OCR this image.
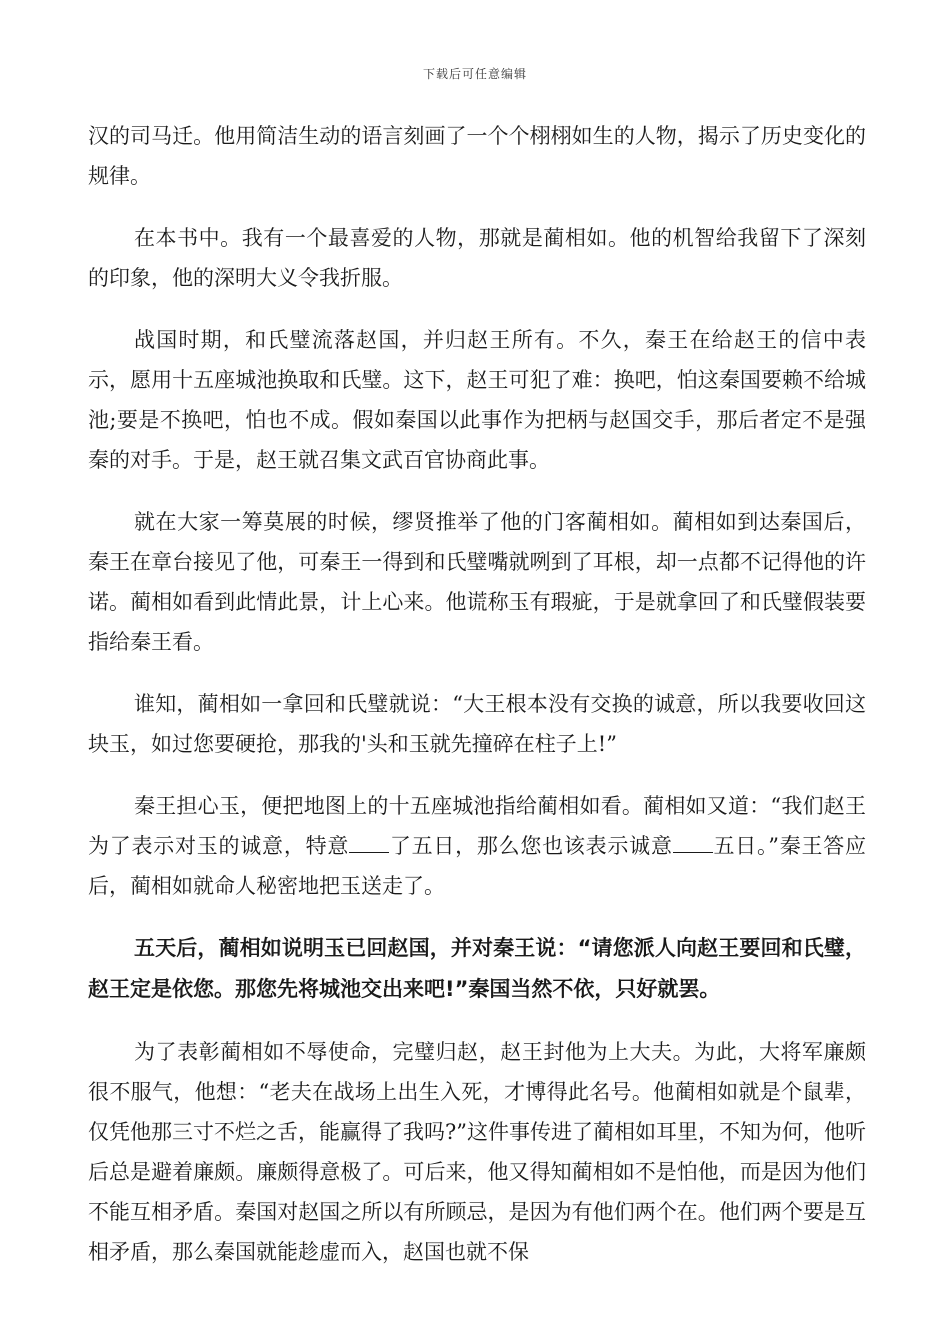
下载后可任意编辑

汉的司马迁。他用简洁生动的语言刻画了一个个栩栩如生的人物，揭示了历史变化的规律。

在本书中。我有一个最喜爱的人物，那就是蔺相如。他的机智给我留下了深刻的印象，他的深明大义令我折服。

战国时期，和氏璧流落赵国，并归赵王所有。不久，秦王在给赵王的信中表示，愿用十五座城池换取和氏璧。这下，赵王可犯了难：换吧，怕这秦国要赖不给城池;要是不换吧，怕也不成。假如秦国以此事作为把柄与赵国交手，那后者定不是强秦的对手。于是，赵王就召集文武百官协商此事。

就在大家一筹莫展的时候，缪贤推举了他的门客蔺相如。蔺相如到达秦国后，秦王在章台接见了他，可秦王一得到和氏璧嘴就咧到了耳根，却一点都不记得他的许诺。蔺相如看到此情此景，计上心来。他谎称玉有瑕疵，于是就拿回了和氏璧假装要指给秦王看。

谁知，蔺相如一拿回和氏璧就说：“大王根本没有交换的诚意，所以我要收回这块玉，如过您要硬抢，那我的'头和玉就先撞碎在柱子上!”

秦王担心玉，便把地图上的十五座城池指给蔺相如看。蔺相如又道：“我们赵王为了表示对玉的诚意，特意 了五日，那么您也该表示诚意 五日。”秦王答应后，蔺相如就命人秘密地把玉送走了。

五天后，蔺相如说明玉已回赵国，并对秦王说：“请您派人向赵王要回和氏璧，赵王定是依您。那您先将城池交出来吧!”秦国当然不依，只好就罢。

为了表彰蔺相如不辱使命，完璧归赵，赵王封他为上大夫。为此，大将军廉颇很不服气，他想：“老夫在战场上出生入死，才博得此名号。他蔺相如就是个鼠辈，仅凭他那三寸不烂之舌，能赢得了我吗?”这件事传进了蔺相如耳里，不知为何，他听后总是避着廉颇。廉颇得意极了。可后来，他又得知蔺相如不是怕他，而是因为他们不能互相矛盾。秦国对赵国之所以有所顾忌，是因为有他们两个在。他们两个要是互相矛盾，那么秦国就能趁虚而入，赵国也就不保
